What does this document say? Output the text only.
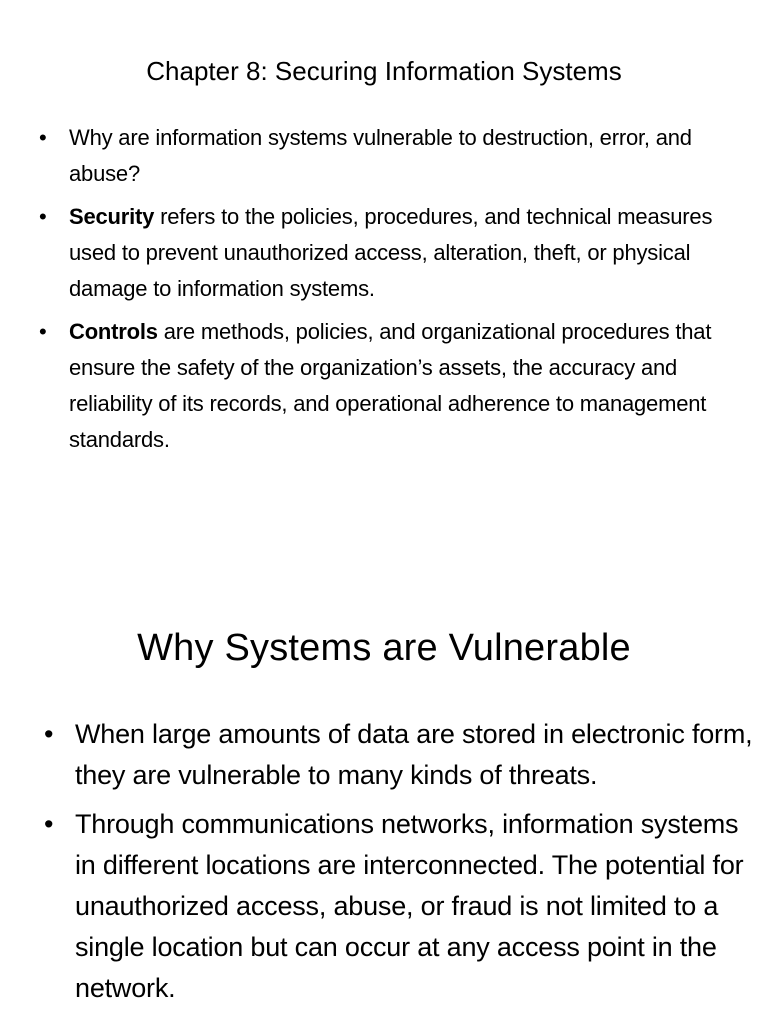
Chapter 8: Securing Information Systems
• Why are information systems vulnerable to destruction, error, and abuse?
• Security refers to the policies, procedures, and technical measures used to prevent unauthorized access, alteration, theft, or physical damage to information systems.
• Controls are methods, policies, and organizational procedures that ensure the safety of the organization’s assets, the accuracy and reliability of its records, and operational adherence to management standards.
Why Systems are Vulnerable
• When large amounts of data are stored in electronic form, they are vulnerable to many kinds of threats.
• Through communications networks, information systems in different locations are interconnected. The potential for unauthorized access, abuse, or fraud is not limited to a single location but can occur at any access point in the network.
